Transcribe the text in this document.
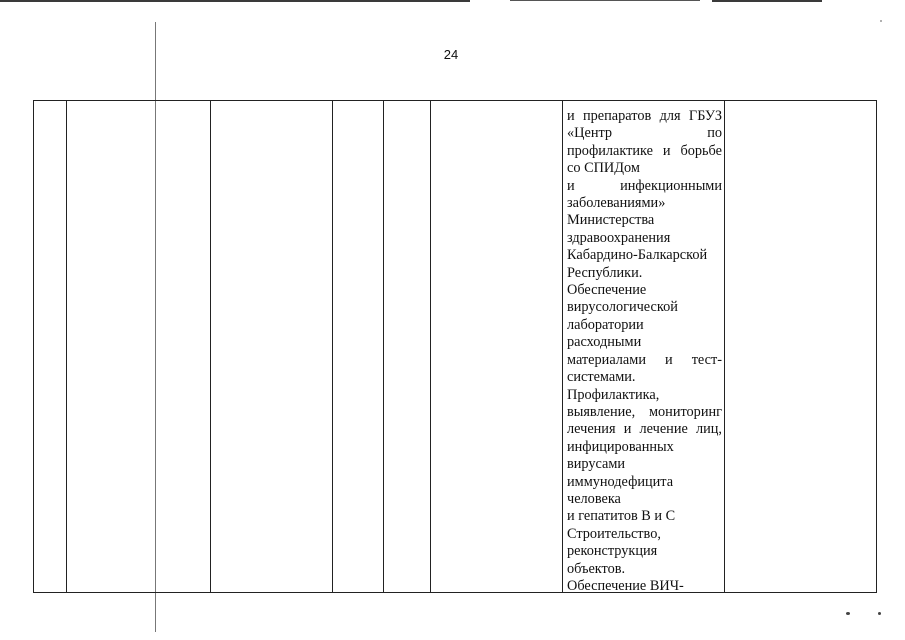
24
и препаратов для ГБУЗ
«Центр по
профилактике и борьбе
со СПИДом
и инфекционными
заболеваниями»
Министерства
здравоохранения
Кабардино-Балкарской
Республики.
Обеспечение
вирусологической
лаборатории
расходными
материалами и тест-
системами.
Профилактика,
выявление, мониторинг
лечения и лечение лиц,
инфицированных
вирусами
иммунодефицита
человека
и гепатитов В и С
Строительство,
реконструкция
объектов.
Обеспечение ВИЧ-
